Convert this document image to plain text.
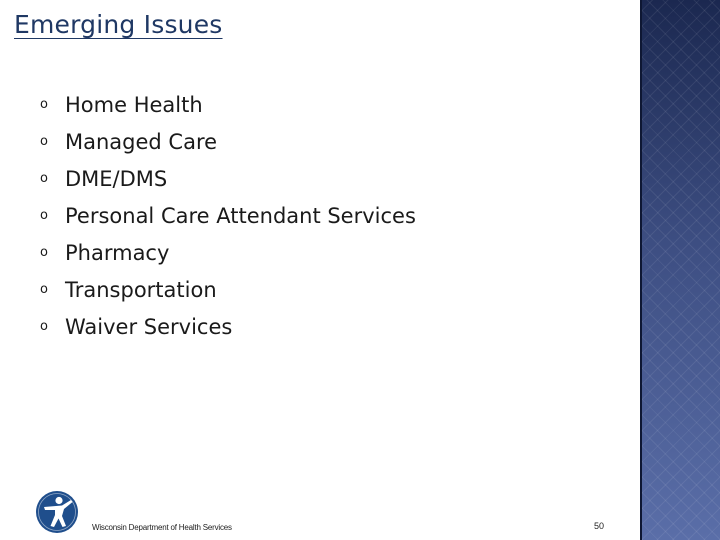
Emerging Issues
o Home Health
o Managed Care
o DME/DMS
o Personal Care Attendant Services
o Pharmacy
o Transportation
o Waiver Services
Wisconsin Department of Health Services	50
